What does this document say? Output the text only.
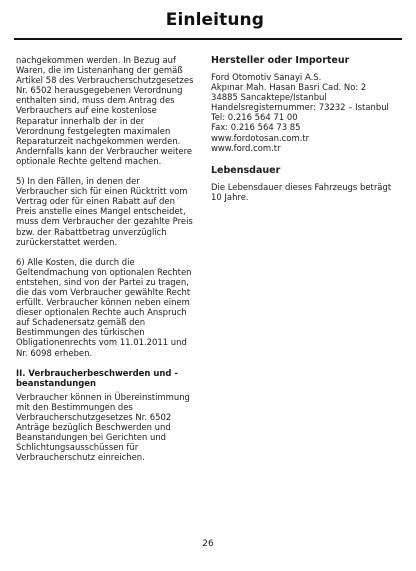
Einleitung

nachgekommen werden. In Bezug auf Waren, die im Listenanhang der gemäß Artikel 58 des Verbraucherschutzgesetzes Nr. 6502 herausgegebenen Verordnung enthalten sind, muss dem Antrag des Verbrauchers auf eine kostenlose Reparatur innerhalb der in der Verordnung festgelegten maximalen Reparaturzeit nachgekommen werden. Andernfalls kann der Verbraucher weitere optionale Rechte geltend machen.

5) In den Fällen, in denen der Verbraucher sich für einen Rücktritt vom Vertrag oder für einen Rabatt auf den Preis anstelle eines Mangel entscheidet, muss dem Verbraucher der gezahlte Preis bzw. der Rabattbetrag unverzüglich zurückerstattet werden.

6) Alle Kosten, die durch die Geltendmachung von optionalen Rechten entstehen, sind von der Partei zu tragen, die das vom Verbraucher gewählte Recht erfüllt. Verbraucher können neben einem dieser optionalen Rechte auch Anspruch auf Schadenersatz gemäß den Bestimmungen des türkischen Obligationenrechts vom 11.01.2011 und Nr. 6098 erheben.

II. Verbraucherbeschwerden und -beanstandungen

Verbraucher können in Übereinstimmung mit den Bestimmungen des Verbraucherschutzgesetzes Nr. 6502 Anträge bezüglich Beschwerden und Beanstandungen bei Gerichten und Schlichtungsausschüssen für Verbraucherschutz einreichen.

Hersteller oder Importeur
Ford Otomotiv Sanayi A.S.
Akpınar Mah. Hasan Basri Cad. No: 2
34885 Sancaktepe/Istanbul
Handelsregisternummer: 73232 – Istanbul
Tel: 0.216 564 71 00
Fax: 0.216 564 73 85
www.fordotosan.com.tr
www.ford.com.tr
Lebensdauer

Die Lebensdauer dieses Fahrzeugs beträgt 10 Jahre.

26
